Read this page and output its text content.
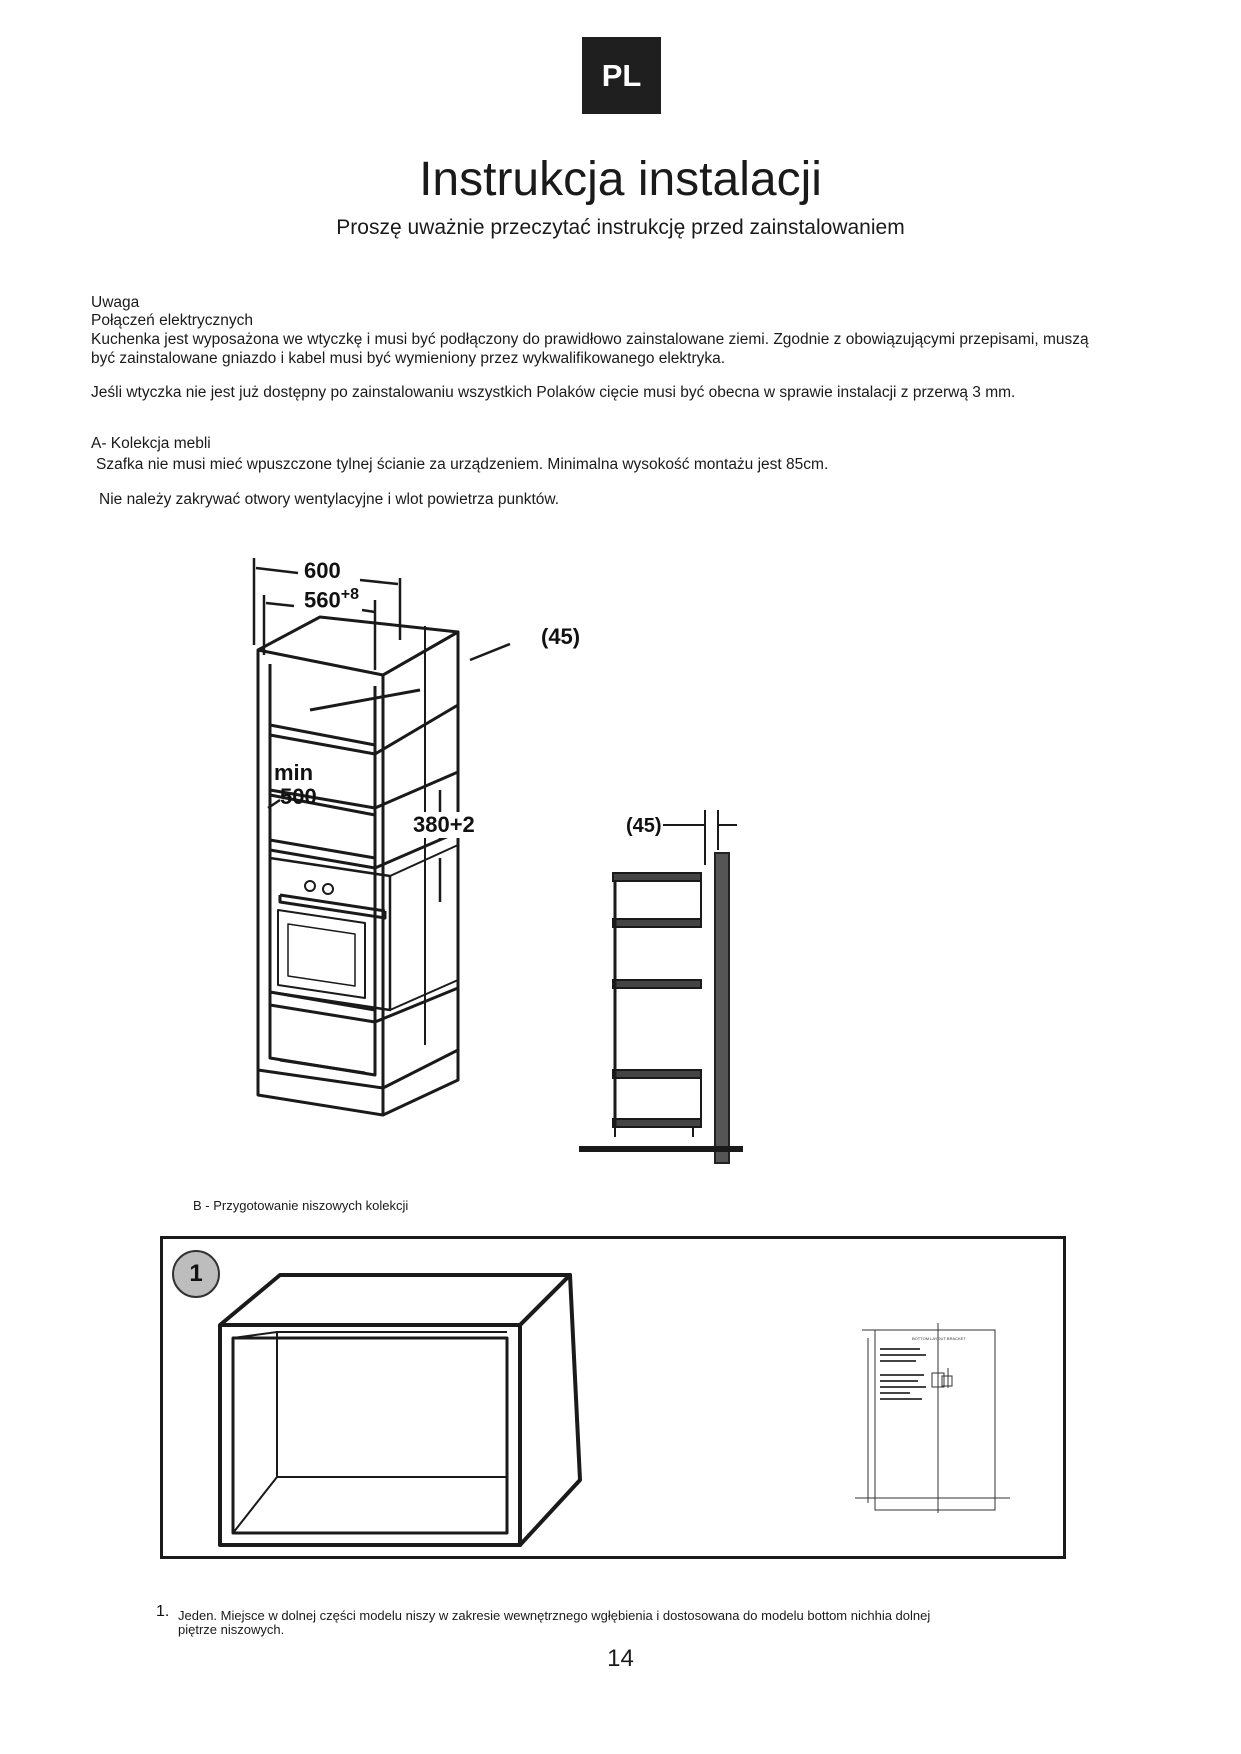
PL
Instrukcja instalacji
Proszę uważnie przeczytać instrukcję przed zainstalowaniem
Uwaga
Połączeń elektrycznych
Kuchenka jest wyposażona we wtyczkę i musi być podłączony do prawidłowo zainstalowane ziemi. Zgodnie z obowiązującymi przepisami, muszą
być zainstalowane gniazdo i kabel musi być wymieniony przez wykwalifikowanego elektryka.
Jeśli wtyczka nie jest już dostępny po zainstalowaniu wszystkich Polaków cięcie musi być obecna w sprawie instalacji z przerwą 3 mm.
A- Kolekcja mebli
Szafka nie musi mieć wpuszczone tylnej ścianie za urządzeniem. Minimalna wysokość montażu jest 85cm.
Nie należy zakrywać otwory wentylacyjne i wlot powietrza punktów.
600
$560^{+8}$
(45)
min
500
380+2	(45)
B - Przygotowanie niszowych kolekcji
1
BOTTOM LAYOUT BRACKET
1. Jeden. Miejsce w dolnej części modelu niszy w zakresie wewnętrznego wgłębienia i dostosowana do modelu bottom nichhia dolnej
piętrze niszowych.
14
